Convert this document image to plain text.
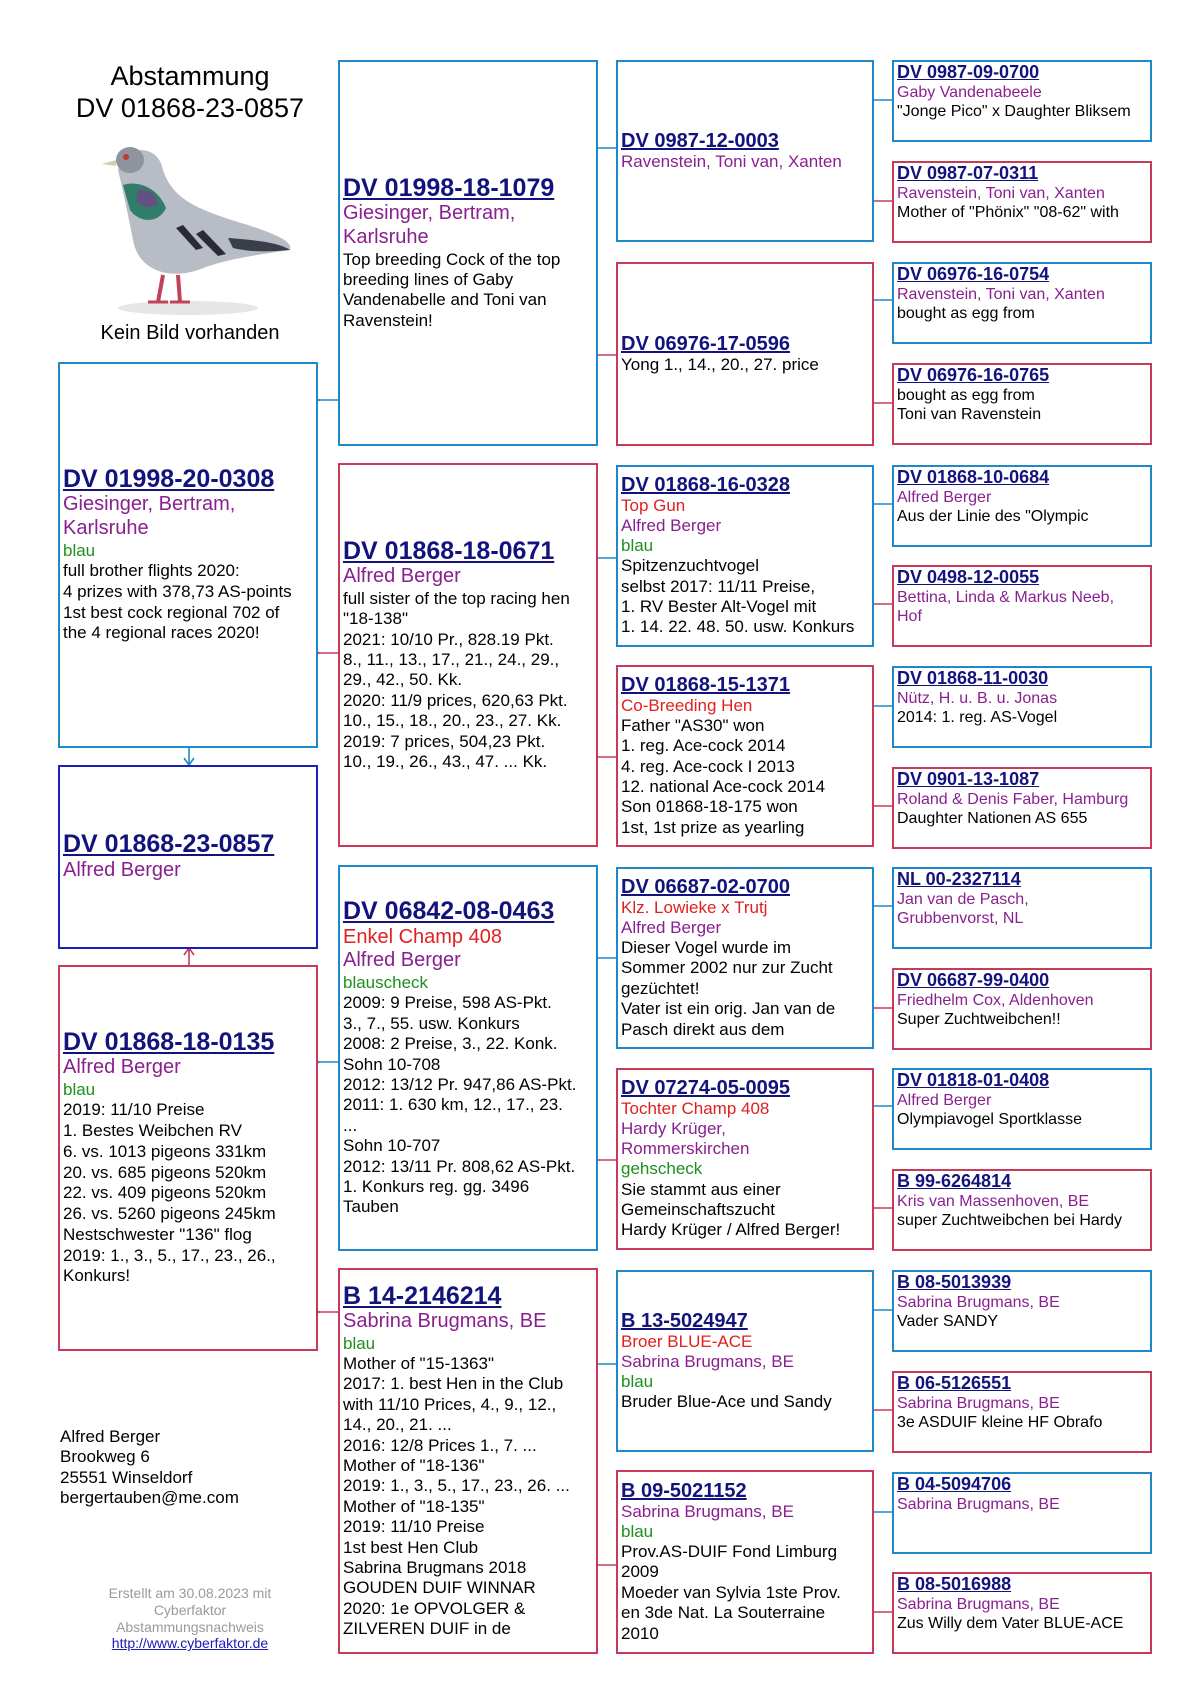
Abstammung
DV 01868-23-0857
Kein Bild vorhanden
DV 01998-20-0308
Giesinger, Bertram, Karlsruhe
blau
full brother flights 2020:
4 prizes with 378,73 AS-points
1st best cock regional 702 of
the 4 regional races 2020!
DV 01868-23-0857
Alfred Berger
DV 01868-18-0135
Alfred Berger
blau
2019: 11/10 Preise
1. Bestes Weibchen RV
6. vs. 1013 pigeons 331km
20. vs. 685 pigeons 520km
22. vs. 409 pigeons 520km
26. vs. 5260 pigeons 245km
Nestschwester "136" flog
2019: 1., 3., 5., 17., 23., 26.,
Konkurs!
Alfred Berger
Brookweg 6
25551 Winseldorf
bergertauben@me.com
Erstellt am 30.08.2023 mit
Cyberfaktor
Abstammungsnachweis
http://www.cyberfaktor.de
DV 01998-18-1079
Giesinger, Bertram,
Karlsruhe
Top breeding Cock of the top
breeding lines of Gaby
Vandenabelle and Toni van
Ravenstein!
DV 01868-18-0671
Alfred Berger
full sister of the top racing hen
"18-138"
2021: 10/10 Pr., 828.19 Pkt.
8., 11., 13., 17., 21., 24., 29.,
29., 42., 50. Kk.
2020: 11/9 prices, 620,63 Pkt.
10., 15., 18., 20., 23., 27. Kk.
2019: 7 prices, 504,23 Pkt.
10., 19., 26., 43., 47. ... Kk.
DV 06842-08-0463
Enkel Champ 408
Alfred Berger
blauscheck
2009: 9 Preise, 598 AS-Pkt.
3., 7., 55. usw. Konkurs
2008: 2 Preise, 3., 22. Konk.
Sohn 10-708
2012: 13/12 Pr. 947,86 AS-Pkt.
2011: 1. 630 km, 12., 17., 23.
...
Sohn 10-707
2012: 13/11 Pr. 808,62 AS-Pkt.
1. Konkurs reg. gg. 3496
Tauben
B 14-2146214
Sabrina Brugmans, BE
blau
Mother of "15-1363"
2017: 1. best Hen in the Club
with 11/10 Prices, 4., 9., 12.,
14., 20., 21. ...
2016: 12/8 Prices 1., 7. ...
Mother of "18-136"
2019: 1., 3., 5., 17., 23., 26. ...
Mother of "18-135"
2019: 11/10 Preise
1st best Hen Club
Sabrina Brugmans 2018
GOUDEN DUIF WINNAR
2020: 1e OPVOLGER &
ZILVEREN DUIF in de
DV 0987-12-0003
Ravenstein, Toni van, Xanten
DV 06976-17-0596
Yong 1., 14., 20., 27. price
DV 01868-16-0328
Top Gun
Alfred Berger
blau
Spitzenzuchtvogel
selbst 2017: 11/11 Preise,
1. RV Bester Alt-Vogel mit
1. 14. 22. 48. 50. usw. Konkurs
DV 01868-15-1371
Co-Breeding Hen
Father "AS30" won
1. reg. Ace-cock 2014
4. reg. Ace-cock I 2013
12. national Ace-cock 2014
Son 01868-18-175 won
1st, 1st prize as yearling
DV 06687-02-0700
Klz. Lowieke x Trutj
Alfred Berger
Dieser Vogel wurde im
Sommer 2002 nur zur Zucht
gezüchtet!
Vater ist ein orig. Jan van de
Pasch direkt aus dem
DV 07274-05-0095
Tochter Champ 408
Hardy Krüger,
Rommerskirchen
gehscheck
Sie stammt aus einer
Gemeinschaftszucht
Hardy Krüger / Alfred Berger!
B 13-5024947
Broer BLUE-ACE
Sabrina Brugmans, BE
blau
Bruder Blue-Ace und Sandy
B 09-5021152
Sabrina Brugmans, BE
blau
Prov.AS-DUIF Fond Limburg
2009
Moeder van Sylvia 1ste Prov.
en 3de Nat. La Souterraine
2010
DV 0987-09-0700
Gaby Vandenabeele
"Jonge Pico" x Daughter Bliksem
DV 0987-07-0311
Ravenstein, Toni van, Xanten
Mother of "Phönix" "08-62" with
DV 06976-16-0754
Ravenstein, Toni van, Xanten
bought as egg from
DV 06976-16-0765
bought as egg from
Toni van Ravenstein
DV 01868-10-0684
Alfred Berger
Aus der Linie des "Olympic
DV 0498-12-0055
Bettina, Linda & Markus Neeb,
Hof
DV 01868-11-0030
Nütz, H. u. B. u. Jonas
2014: 1. reg. AS-Vogel
DV 0901-13-1087
Roland & Denis Faber, Hamburg
Daughter Nationen AS 655
NL 00-2327114
Jan van de Pasch,
Grubbenvorst, NL
DV 06687-99-0400
Friedhelm Cox, Aldenhoven
Super Zuchtweibchen!!
DV 01818-01-0408
Alfred Berger
Olympiavogel Sportklasse
B 99-6264814
Kris van Massenhoven, BE
super Zuchtweibchen bei Hardy
B 08-5013939
Sabrina Brugmans, BE
Vader SANDY
B 06-5126551
Sabrina Brugmans, BE
3e ASDUIF kleine HF Obrafo
B 04-5094706
Sabrina Brugmans, BE
B 08-5016988
Sabrina Brugmans, BE
Zus Willy dem Vater BLUE-ACE
